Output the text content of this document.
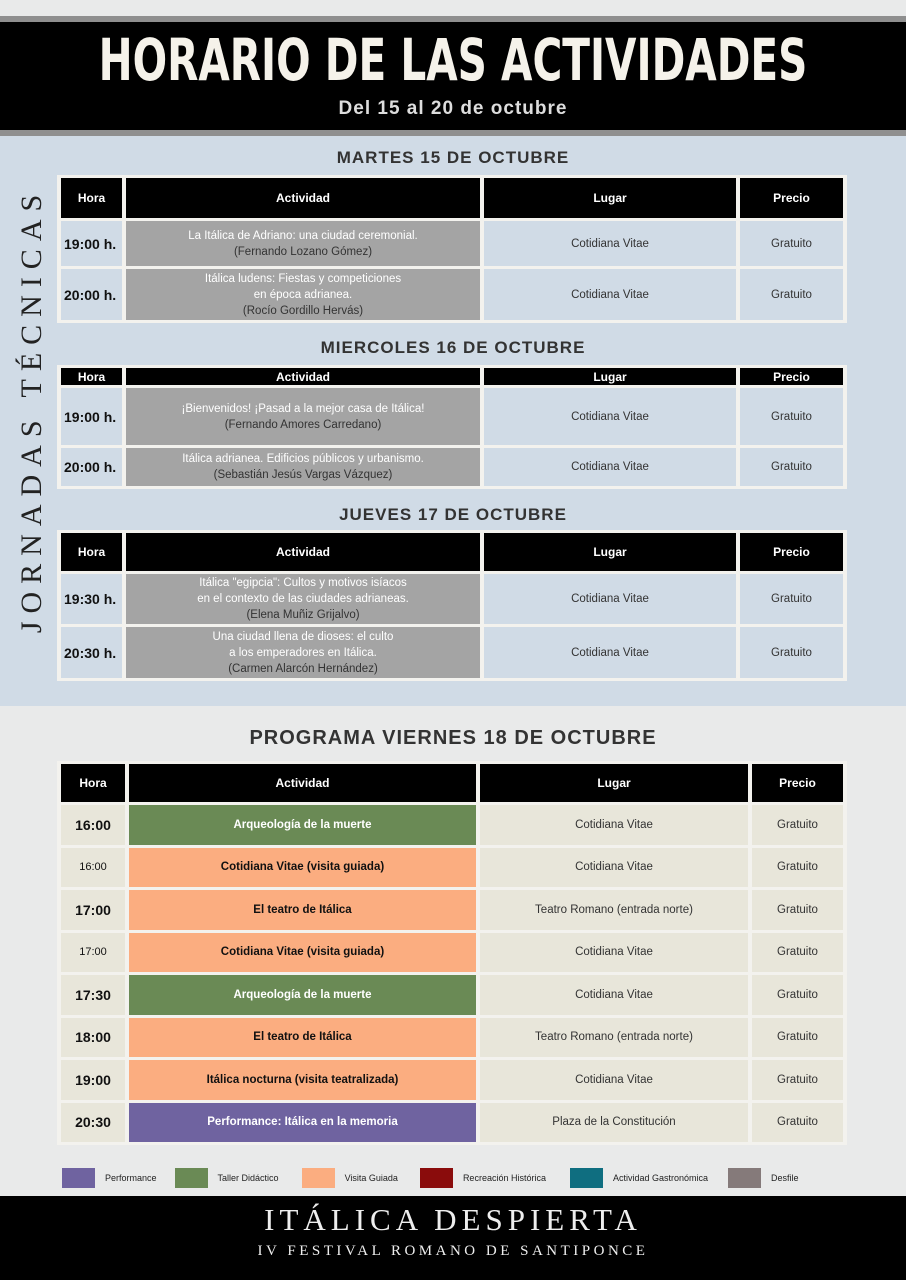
HORARIO DE LAS ACTIVIDADES
Del 15 al 20 de octubre
JORNADAS TÉCNICAS
MARTES 15 DE OCTUBRE
Hora	Actividad	Lugar	Precio
19:00 h.	La Itálica de Adriano: una ciudad ceremonial.
(Fernando Lozano Gómez)
Cotidiana Vitae	Gratuito
20:00 h.
Itálica ludens: Fiestas y competiciones
en época adrianea.
(Rocío Gordillo Hervás)
Cotidiana Vitae	Gratuito
MIERCOLES 16 DE OCTUBRE
Hora	Actividad	Lugar	Precio
19:00 h.	¡Bienvenidos! ¡Pasad a la mejor casa de Itálica!
(Fernando Amores Carredano)
Cotidiana Vitae	Gratuito
20:00 h.	Itálica adrianea. Edificios públicos y urbanismo.
(Sebastián Jesús Vargas Vázquez)
Cotidiana Vitae	Gratuito
JUEVES 17 DE OCTUBRE
Hora	Actividad	Lugar	Precio
19:30 h.
Itálica "egipcia": Cultos y motivos isíacos
en el contexto de las ciudades adrianeas.
(Elena Muñiz Grijalvo)
Cotidiana Vitae	Gratuito
20:30 h.
Una ciudad llena de dioses: el culto
a los emperadores en Itálica.
(Carmen Alarcón Hernández)
Cotidiana Vitae	Gratuito
PROGRAMA VIERNES 18 DE OCTUBRE
Hora	Actividad	Lugar	Precio
16:00	Arqueología de la muerte	Cotidiana Vitae	Gratuito
16:00	Cotidiana Vitae (visita guiada)	Cotidiana Vitae	Gratuito
17:00	El teatro de Itálica	Teatro Romano (entrada norte)	Gratuito
17:00	Cotidiana Vitae (visita guiada)	Cotidiana Vitae	Gratuito
17:30	Arqueología de la muerte	Cotidiana Vitae	Gratuito
18:00	El teatro de Itálica	Teatro Romano (entrada norte)	Gratuito
19:00	Itálica nocturna (visita teatralizada)	Cotidiana Vitae	Gratuito
20:30	Performance: Itálica en la memoria	Plaza de la Constitución	Gratuito
Performance	Taller Didáctico	Visita Guiada	Recreación Histórica	Actividad Gastronómica	Desfile
ITÁLICA DESPIERTA
IV FESTIVAL ROMANO DE SANTIPONCE
